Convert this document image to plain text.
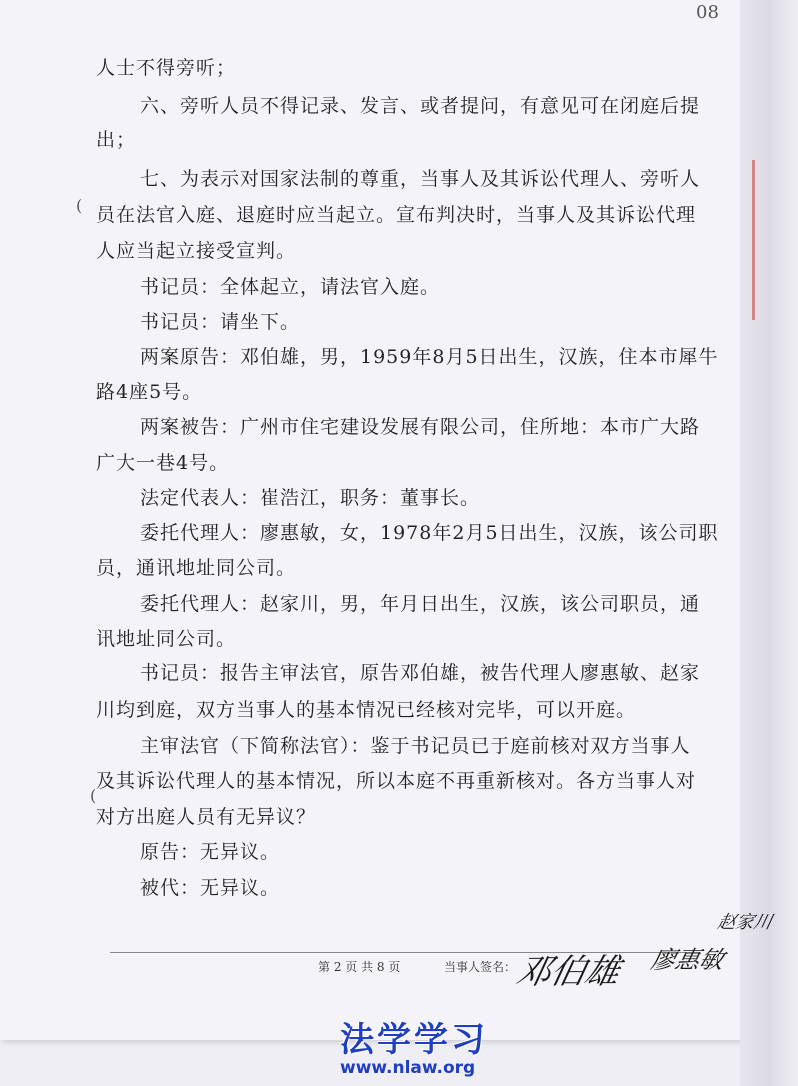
08
人士不得旁听；
六、旁听人员不得记录、发言、或者提问，有意见可在闭庭后提
出；
七、为表示对国家法制的尊重，当事人及其诉讼代理人、旁听人
员在法官入庭、退庭时应当起立。宣布判决时，当事人及其诉讼代理
人应当起立接受宣判。
书记员：全体起立，请法官入庭。
书记员：请坐下。
两案原告：邓伯雄，男，1959年8月5日出生，汉族，住本市犀牛
路4座5号。
两案被告：广州市住宅建设发展有限公司，住所地：本市广大路
广大一巷4号。
法定代表人：崔浩江，职务：董事长。
委托代理人：廖惠敏，女，1978年2月5日出生，汉族，该公司职
员，通讯地址同公司。
委托代理人：赵家川，男，年月日出生，汉族，该公司职员，通
讯地址同公司。
书记员：报告主审法官，原告邓伯雄，被告代理人廖惠敏、赵家
川均到庭，双方当事人的基本情况已经核对完毕，可以开庭。
主审法官（下简称法官）：鉴于书记员已于庭前核对双方当事人
及其诉讼代理人的基本情况，所以本庭不再重新核对。各方当事人对
对方出庭人员有无异议？
原告：无异议。
被代：无异议。
(
(
第 2 页 共 8 页	当事人签名：
邓伯雄 廖惠敏
赵家川
法学学习
www.nlaw.org
